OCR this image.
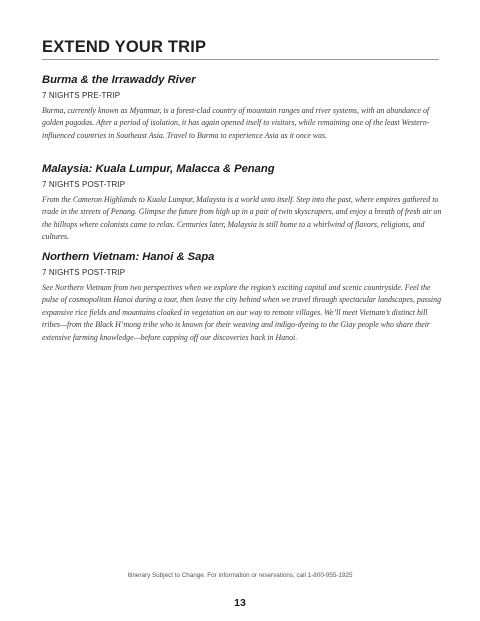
EXTEND YOUR TRIP
Burma & the Irrawaddy River

7 NIGHTS PRE-TRIP

Burma, currently known as Myanmar, is a forest-clad country of mountain ranges and river systems, with an abundance of golden pagodas. After a period of isolation, it has again opened itself to visitors, while remaining one of the least Western-influenced countries in Southeast Asia. Travel to Burma to experience Asia as it once was.

Malaysia: Kuala Lumpur, Malacca & Penang

7 NIGHTS POST-TRIP

From the Cameron Highlands to Kuala Lumpur, Malaysia is a world unto itself. Step into the past, where empires gathered to trade in the streets of Penang. Glimpse the future from high up in a pair of twin skyscrapers, and enjoy a breath of fresh air on the hilltops where colonists came to relax. Centuries later, Malaysia is still home to a whirlwind of flavors, religions, and cultures.

Northern Vietnam: Hanoi & Sapa

7 NIGHTS POST-TRIP

See Northern Vietnam from two perspectives when we explore the region’s exciting capital and scenic countryside. Feel the pulse of cosmopolitan Hanoi during a tour, then leave the city behind when we travel through spectacular landscapes, passing expansive rice fields and mountains cloaked in vegetation on our way to remote villages. We’ll meet Vietnam’s distinct hill tribes—from the Black H’mong tribe who is known for their weaving and indigo-dyeing to the Giay people who share their extensive farming knowledge—before capping off our discoveries back in Hanoi.

Itinerary Subject to Change. For information or reservations, call 1-800-955-1925

13
